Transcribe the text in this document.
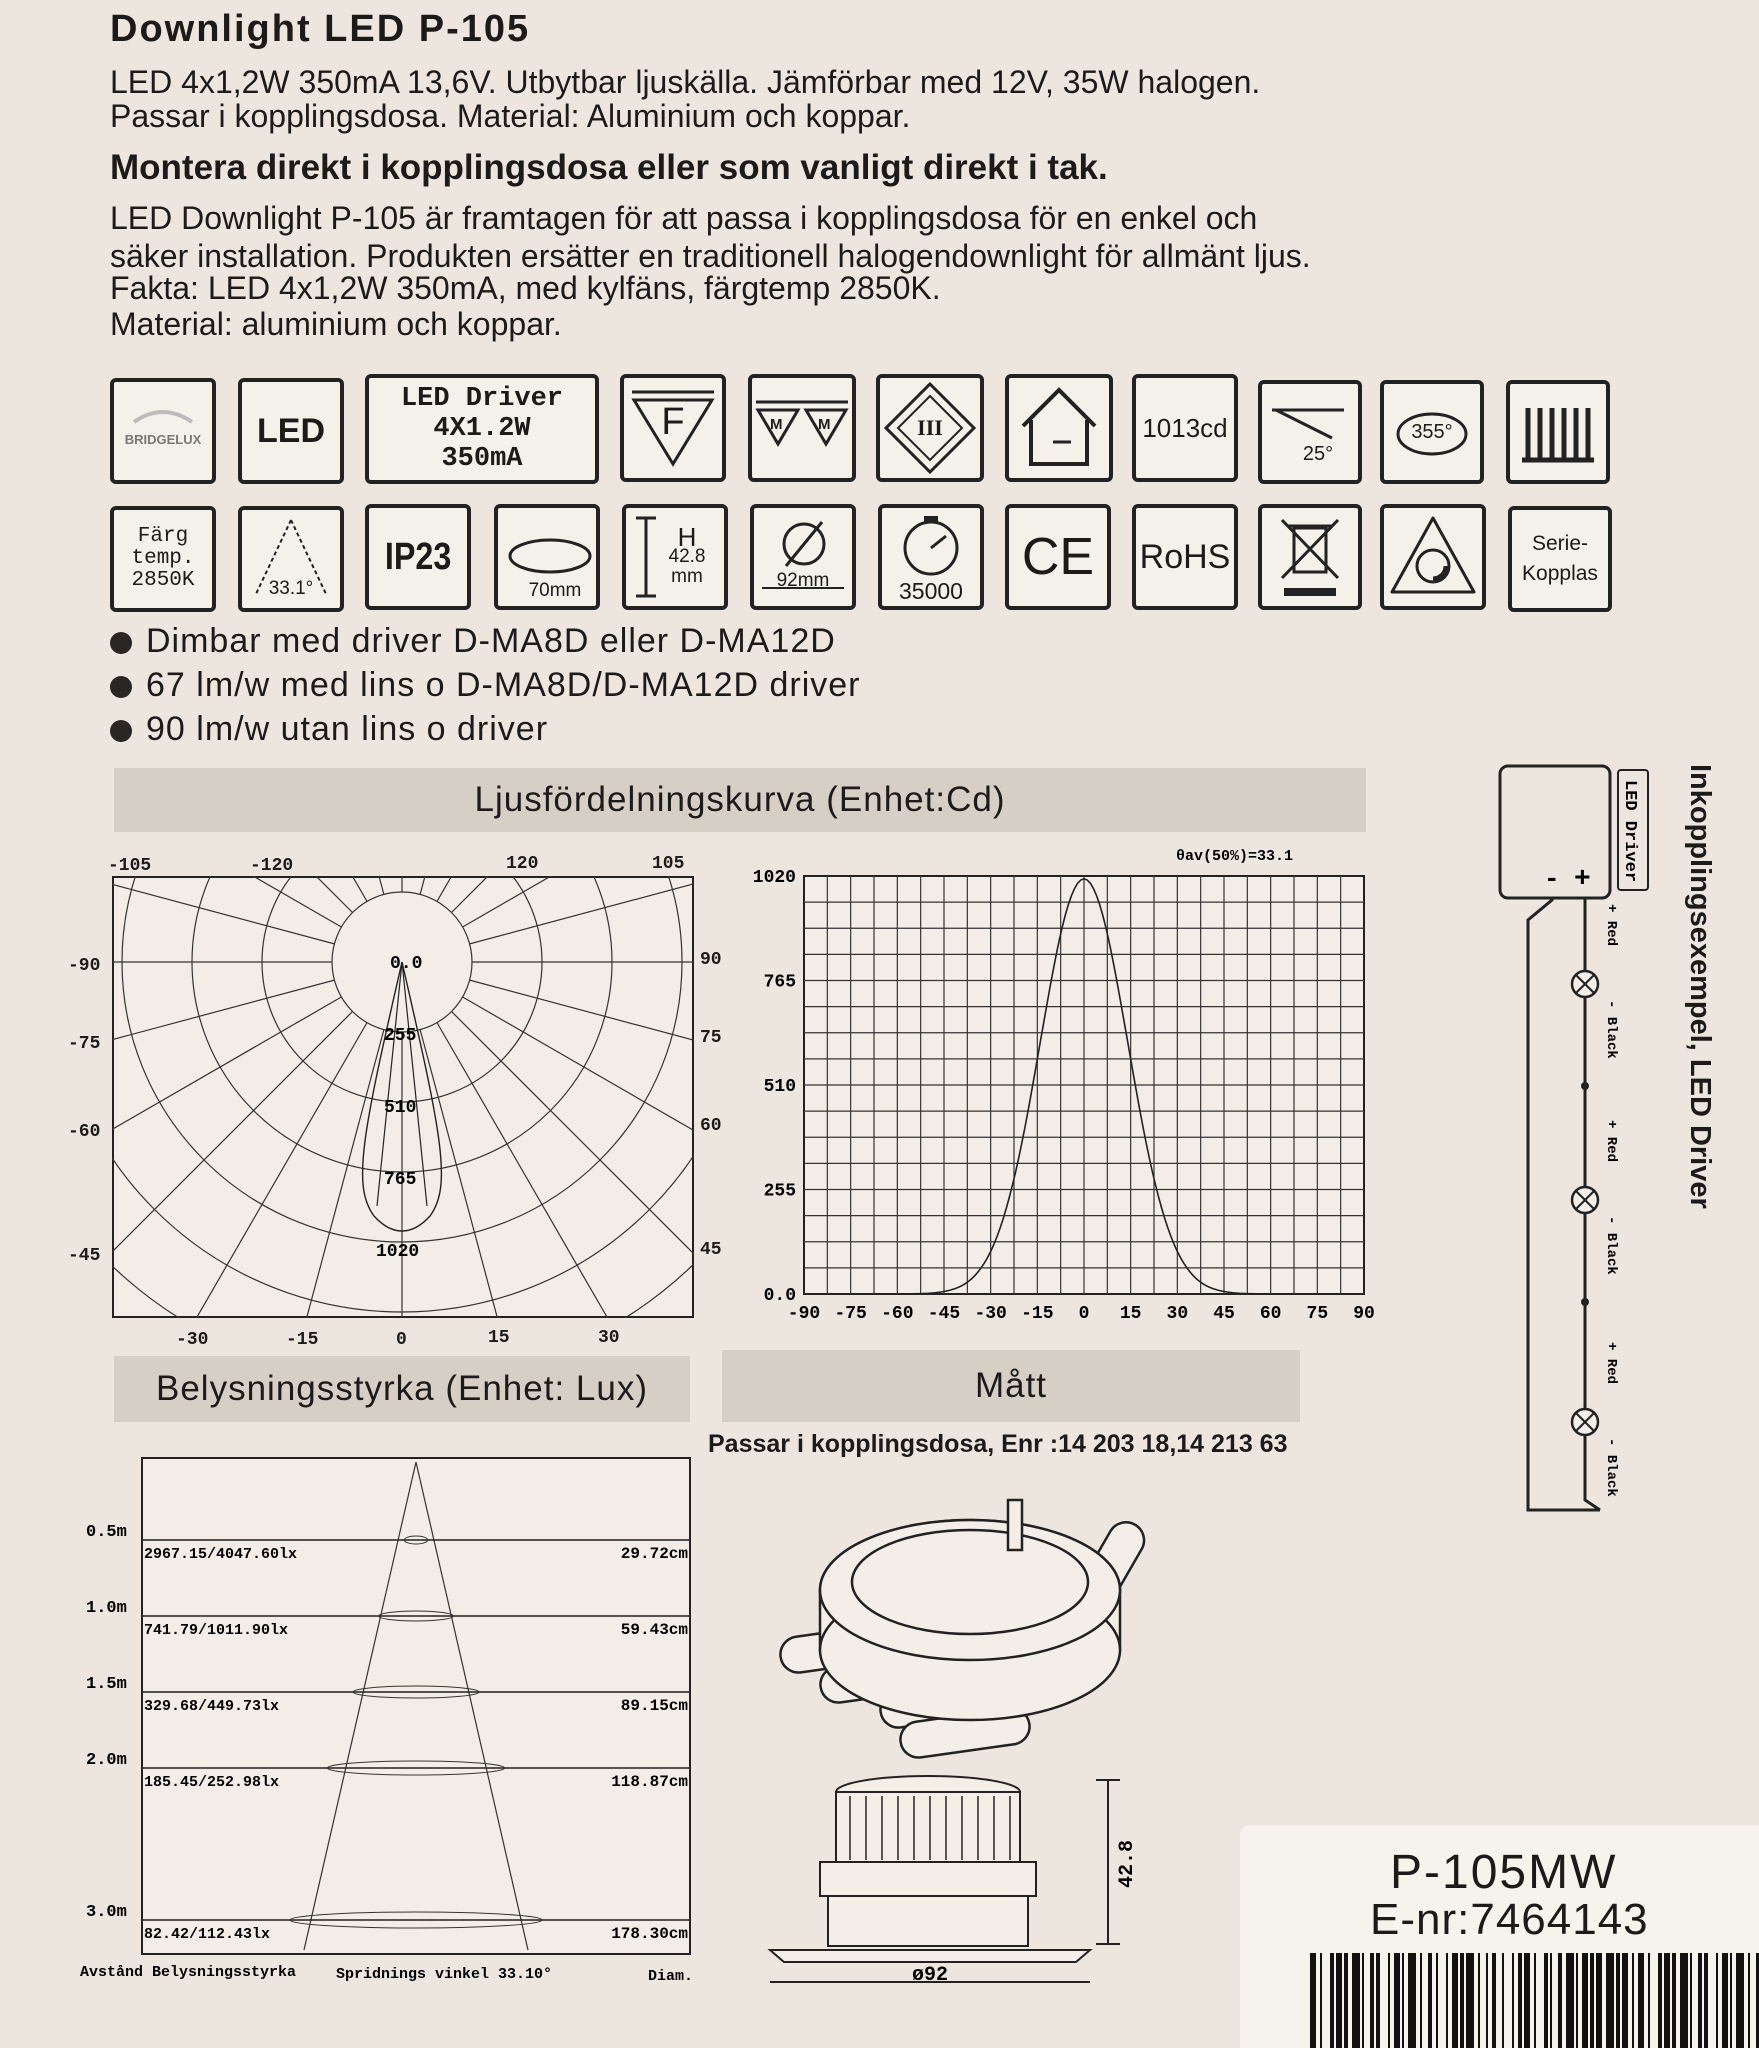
Downlight LED P-105
LED 4x1,2W 350mA 13,6V. Utbytbar ljuskälla. Jämförbar med 12V, 35W halogen.
Passar i kopplingsdosa. Material: Aluminium och koppar.
Montera direkt i kopplingsdosa eller som vanligt direkt i tak.
LED Downlight P-105 är framtagen för att passa i kopplingsdosa för en enkel och
säker installation. Produkten ersätter en traditionell halogendownlight för allmänt ljus.
Fakta: LED 4x1,2W 350mA, med kylfäns, färgtemp 2850K.
Material: aluminium och koppar.
BRIDGELUX LED
LED Driver
4X1.2W
350mA
F	M M	III	1013cd
25°
355°
Färg
temp.
2850K	33.1°
IP23
70mm
H
42.8
mm	92mm	35000
CE RoHS	Serie-
Kopplas
Dimbar med driver D-MA8D eller D-MA12D
67 lm/w med lins o D-MA8D/D-MA12D driver
90 lm/w utan lins o driver
Ljusfördelningskurva (Enhet:Cd)
-105	-120	120	105
-90
-75
-60
-45
90
75
60
45
-30	-15	0	15	30
0.0
255
510
765
1020
θav(50%)=33.1
0.0
255
510
765
1020
-90 -75 -60 -45 -30 -15 0 15 30 45 60 75 90
Belysningsstyrka (Enhet: Lux)	Mått
Passar i kopplingsdosa, Enr :14 203 18,14 213 63
0.5m
2967.15/4047.60lx	29.72cm
1.0m
741.79/1011.90lx	59.43cm
1.5m
329.68/449.73lx	89.15cm
2.0m
185.45/252.98lx	118.87cm
3.0m
82.42/112.43lx	178.30cm
Avstånd Belysningsstyrka	Spridnings vinkel 33.10°	Diam.
42.8
ø92
Inkopplingsexempel, LED Driver
- + LED Driver
+ Red
- Black
+ Red
- Black
+ Red
- Black
P-105MW
E-nr:7464143
